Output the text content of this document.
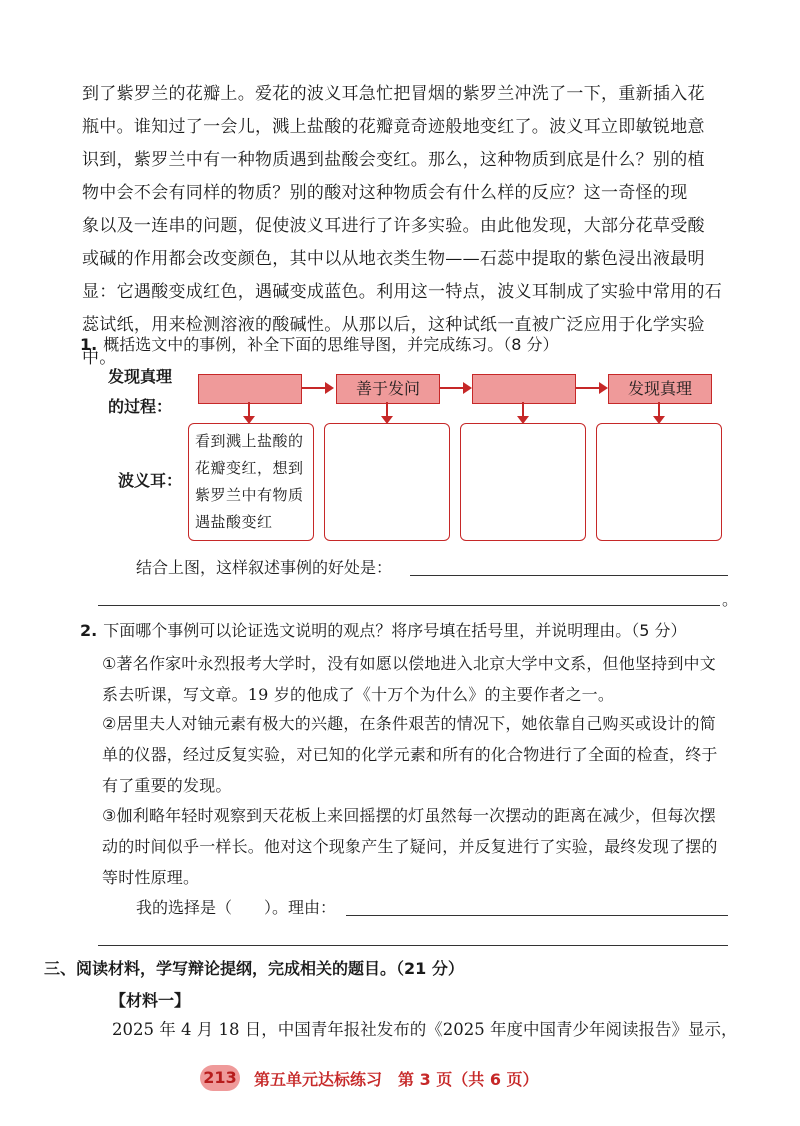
到了紫罗兰的花瓣上。爱花的波义耳急忙把冒烟的紫罗兰冲洗了一下，重新插入花

瓶中。谁知过了一会儿，溅上盐酸的花瓣竟奇迹般地变红了。波义耳立即敏锐地意

识到，紫罗兰中有一种物质遇到盐酸会变红。那么，这种物质到底是什么？别的植

物中会不会有同样的物质？别的酸对这种物质会有什么样的反应？这一奇怪的现

象以及一连串的问题，促使波义耳进行了许多实验。由此他发现，大部分花草受酸

或碱的作用都会改变颜色，其中以从地衣类生物——石蕊中提取的紫色浸出液最明

显：它遇酸变成红色，遇碱变成蓝色。利用这一特点，波义耳制成了实验中常用的石

蕊试纸，用来检测溶液的酸碱性。从那以后，这种试纸一直被广泛应用于化学实验中。

1. 概括选文中的事例，补全下面的思维导图，并完成练习。（8 分）
发现真理
的过程：
善于发问	发现真理
波义耳：
看到溅上盐酸的花瓣变红，想到紫罗兰中有物质遇盐酸变红
结合上图，这样叙述事例的好处是：
。
2. 下面哪个事例可以论证选文说明的观点？将序号填在括号里，并说明理由。（5 分）
①著名作家叶永烈报考大学时，没有如愿以偿地进入北京大学中文系，但他坚持到中文系去听课，写文章。19 岁的他成了《十万个为什么》的主要作者之一。
②居里夫人对铀元素有极大的兴趣，在条件艰苦的情况下，她依靠自己购买或设计的简单的仪器，经过反复实验，对已知的化学元素和所有的化合物进行了全面的检查，终于有了重要的发现。
③伽利略年轻时观察到天花板上来回摇摆的灯虽然每一次摆动的距离在减少，但每次摆动的时间似乎一样长。他对这个现象产生了疑问，并反复进行了实验，最终发现了摆的等时性原理。
我的选择是（　　）。理由：
三、阅读材料，学写辩论提纲，完成相关的题目。（21 分）
【材料一】
2025 年 4 月 18 日，中国青年报社发布的《2025 年度中国青少年阅读报告》显示，
213 第五单元达标练习　第 3 页（共 6 页）
